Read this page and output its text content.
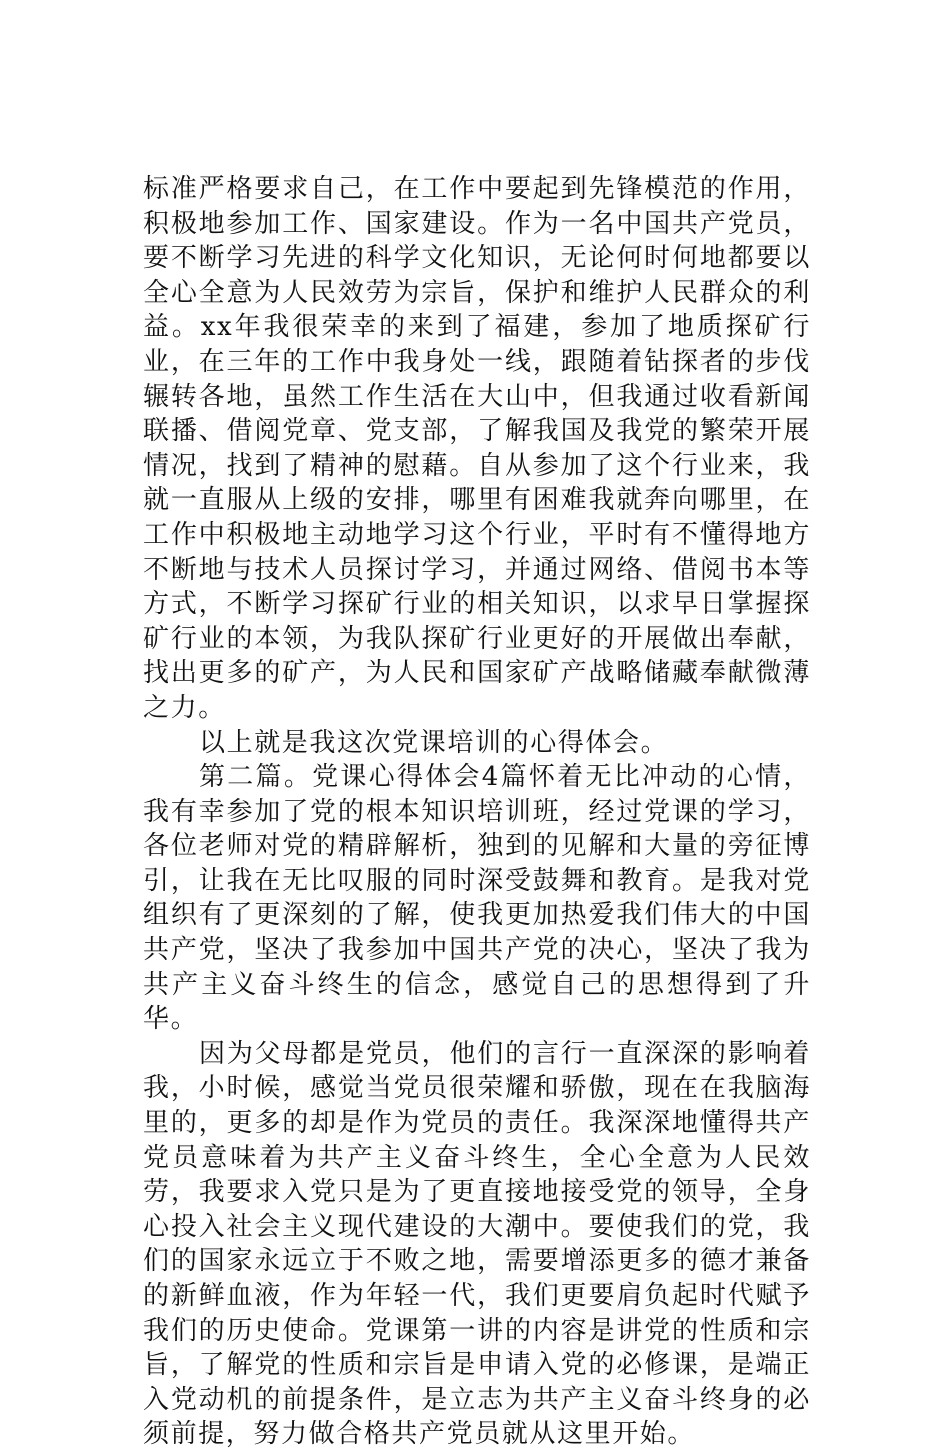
标准严格要求自己，在工作中要起到先锋模范的作用，积极地参加工作、国家建设。作为一名中国共产党员，要不断学习先进的科学文化知识，无论何时何地都要以全心全意为人民效劳为宗旨，保护和维护人民群众的利益。xx年我很荣幸的来到了福建，参加了地质探矿行业，在三年的工作中我身处一线，跟随着钻探者的步伐辗转各地，虽然工作生活在大山中，但我通过收看新闻联播、借阅党章、党支部，了解我国及我党的繁荣开展情况，找到了精神的慰藉。自从参加了这个行业来，我就一直服从上级的安排，哪里有困难我就奔向哪里，在工作中积极地主动地学习这个行业，平时有不懂得地方不断地与技术人员探讨学习，并通过网络、借阅书本等方式，不断学习探矿行业的相关知识，以求早日掌握探矿行业的本领，为我队探矿行业更好的开展做出奉献，找出更多的矿产，为人民和国家矿产战略储藏奉献微薄之力。

以上就是我这次党课培训的心得体会。

第二篇。党课心得体会4篇怀着无比冲动的心情，我有幸参加了党的根本知识培训班，经过党课的学习，各位老师对党的精辟解析，独到的见解和大量的旁征博引，让我在无比叹服的同时深受鼓舞和教育。是我对党组织有了更深刻的了解，使我更加热爱我们伟大的中国共产党，坚决了我参加中国共产党的决心，坚决了我为共产主义奋斗终生的信念，感觉自己的思想得到了升华。

因为父母都是党员，他们的言行一直深深的影响着我，小时候，感觉当党员很荣耀和骄傲，现在在我脑海里的，更多的却是作为党员的责任。我深深地懂得共产党员意味着为共产主义奋斗终生，全心全意为人民效劳，我要求入党只是为了更直接地接受党的领导，全身心投入社会主义现代建设的大潮中。要使我们的党，我们的国家永远立于不败之地，需要增添更多的德才兼备的新鲜血液，作为年轻一代，我们更要肩负起时代赋予我们的历史使命。党课第一讲的内容是讲党的性质和宗旨，了解党的性质和宗旨是申请入党的必修课，是端正入党动机的前提条件，是立志为共产主义奋斗终身的必须前提，努力做合格共产党员就从这里开始。
